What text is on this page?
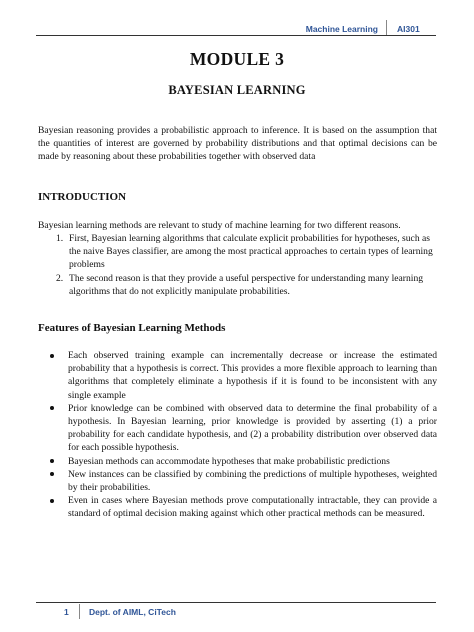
Machine Learning AI301
MODULE 3
BAYESIAN LEARNING
Bayesian reasoning provides a probabilistic approach to inference. It is based on the assumption that the quantities of interest are governed by probability distributions and that optimal decisions can be made by reasoning about these probabilities together with observed data
INTRODUCTION
Bayesian learning methods are relevant to study of machine learning for two different reasons.
1. First, Bayesian learning algorithms that calculate explicit probabilities for hypotheses, such as the naive Bayes classifier, are among the most practical approaches to certain types of learning problems
2. The second reason is that they provide a useful perspective for understanding many learning algorithms that do not explicitly manipulate probabilities.
Features of Bayesian Learning Methods
Each observed training example can incrementally decrease or increase the estimated probability that a hypothesis is correct. This provides a more flexible approach to learning than algorithms that completely eliminate a hypothesis if it is found to be inconsistent with any single example
Prior knowledge can be combined with observed data to determine the final probability of a hypothesis. In Bayesian learning, prior knowledge is provided by asserting (1) a prior probability for each candidate hypothesis, and (2) a probability distribution over observed data for each possible hypothesis.
Bayesian methods can accommodate hypotheses that make probabilistic predictions
New instances can be classified by combining the predictions of multiple hypotheses, weighted by their probabilities.
Even in cases where Bayesian methods prove computationally intractable, they can provide a standard of optimal decision making against which other practical methods can be measured.
1 Dept. of AIML, CiTech
